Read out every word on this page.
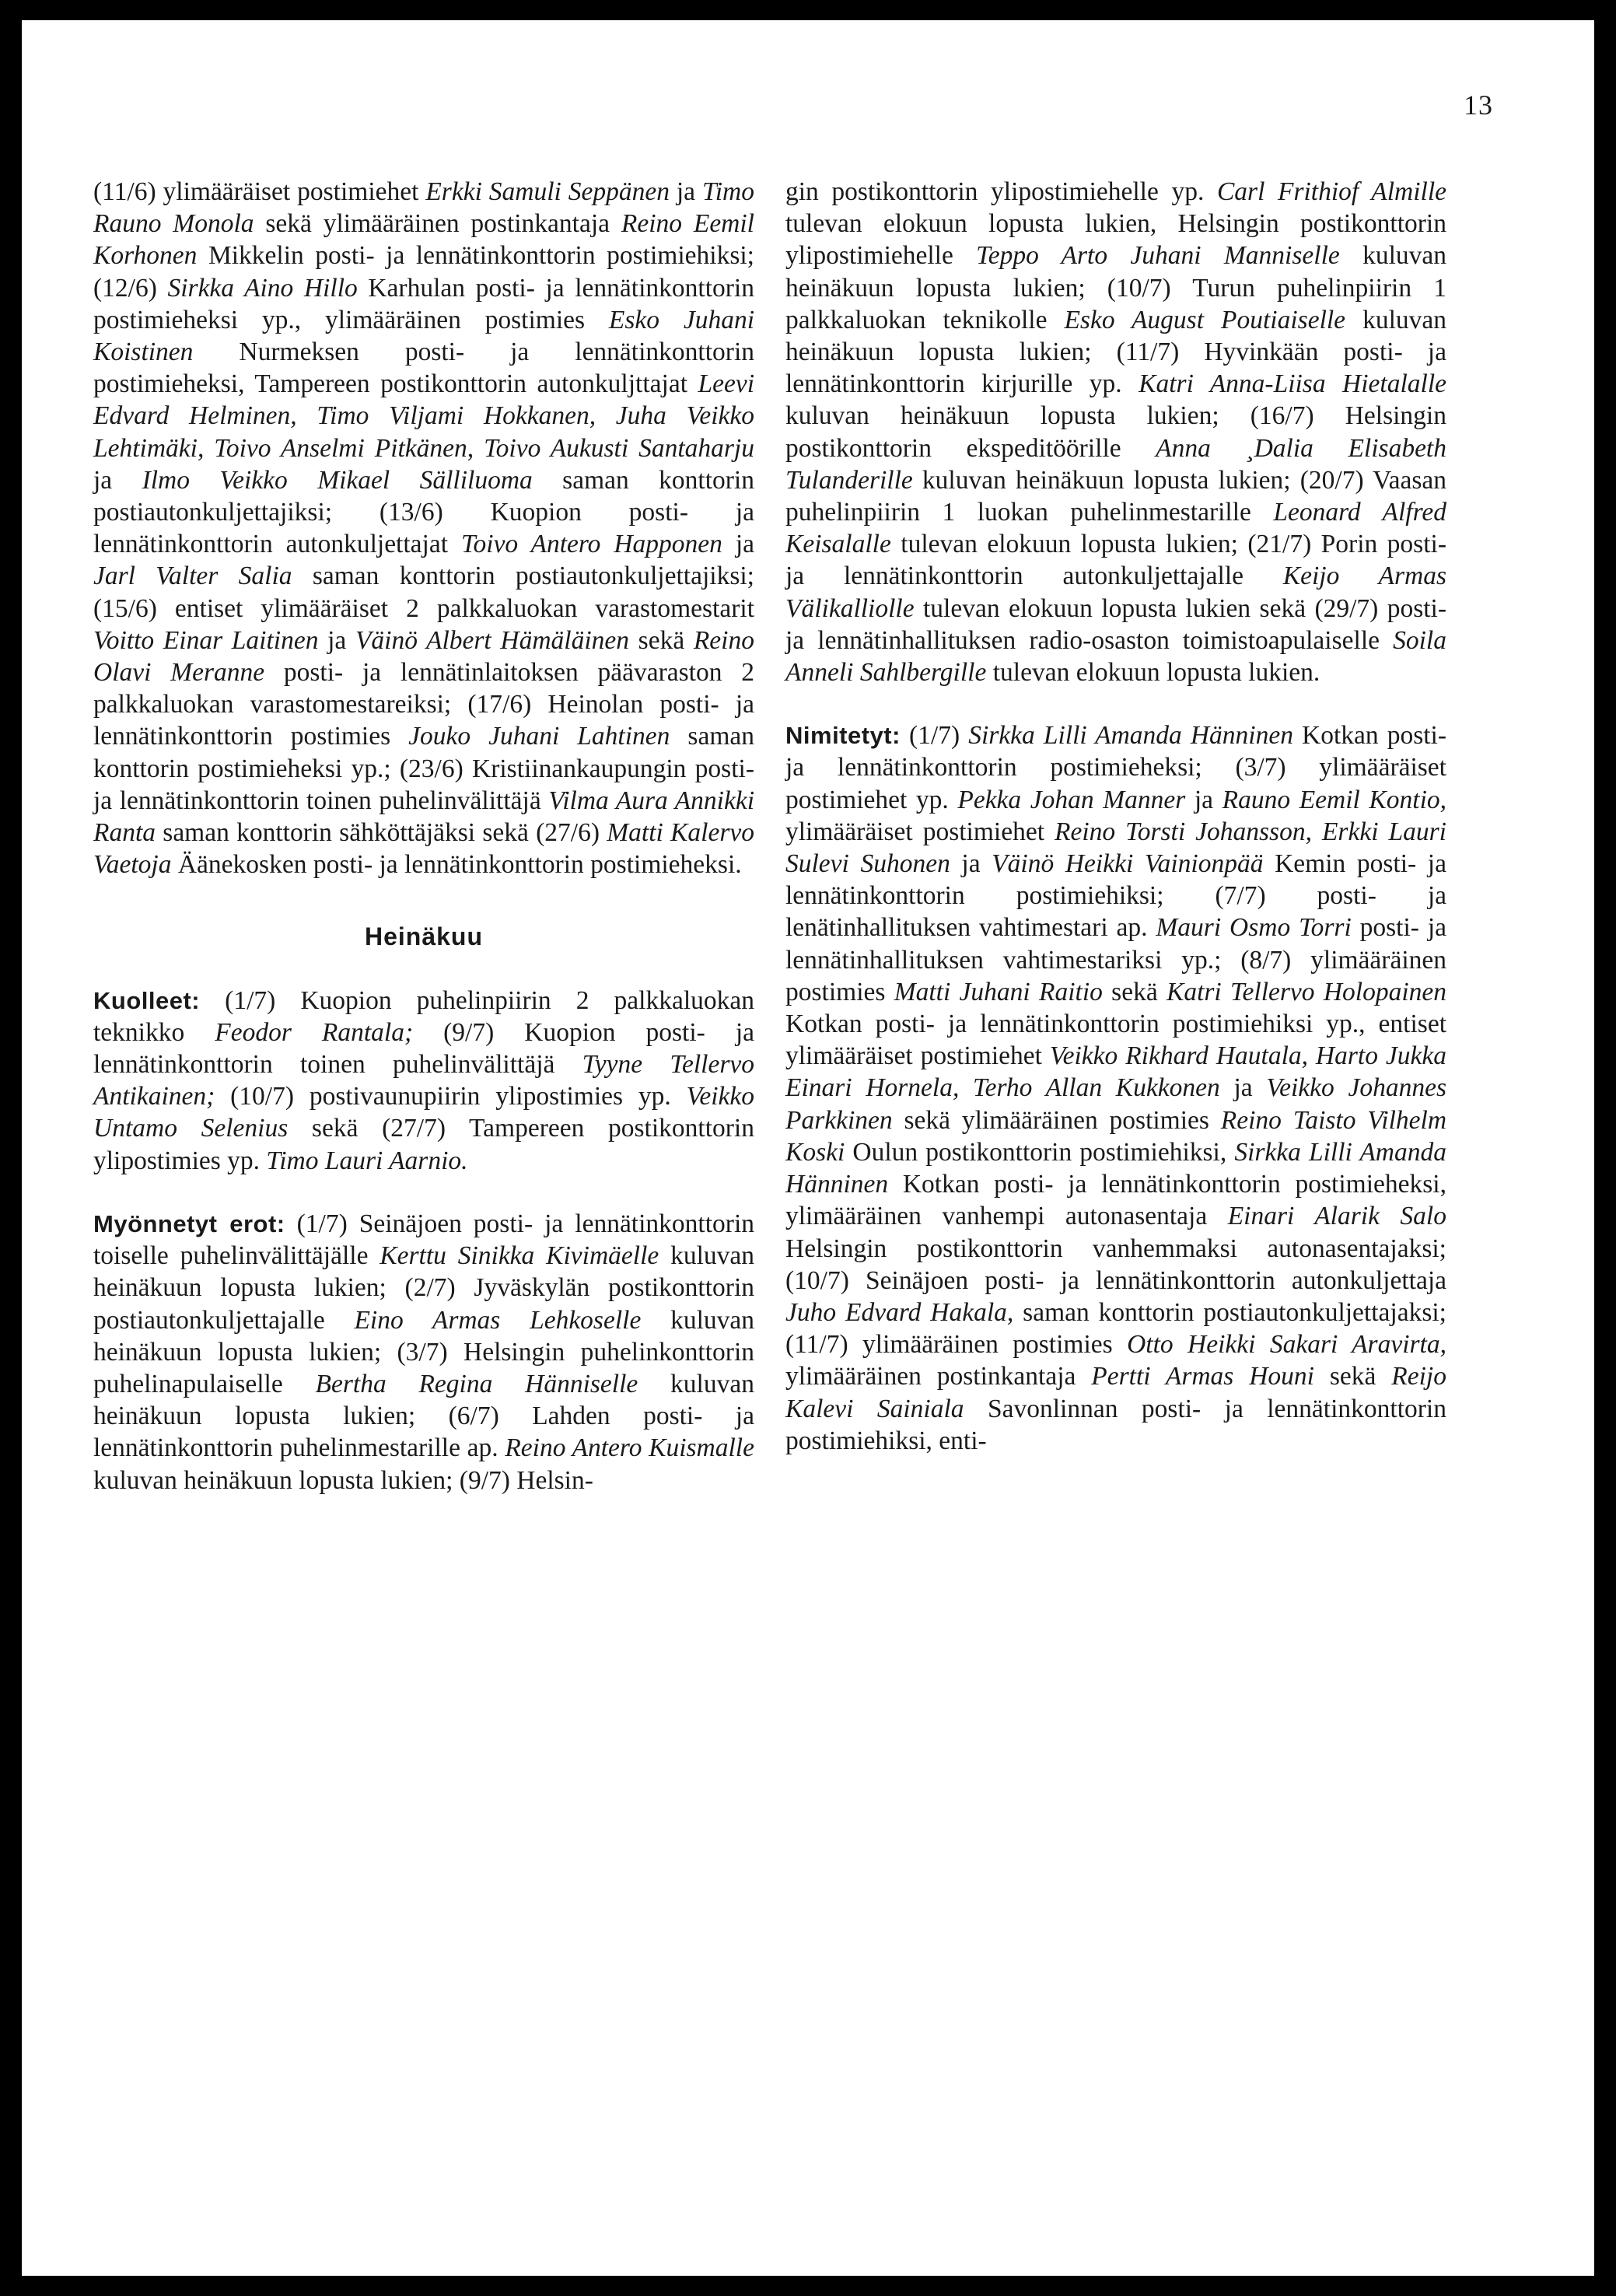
13

(11/6) ylimääräiset postimiehet Erkki Samuli Seppänen ja Timo Rauno Monola sekä ylimääräinen postinkantaja Reino Eemil Korhonen Mikkelin posti- ja lennätinkonttorin postimiehiksi; (12/6) Sirkka Aino Hillo Karhulan posti- ja lennätinkonttorin postimieheksi yp., ylimääräinen postimies Esko Juhani Koistinen Nurmeksen posti- ja lennätinkonttorin postimieheksi, Tampereen postikonttorin autonkuljttajat Leevi Edvard Helminen, Timo Viljami Hokkanen, Juha Veikko Lehtimäki, Toivo Anselmi Pitkänen, Toivo Aukusti Santaharju ja Ilmo Veikko Mikael Sälliluoma saman konttorin postiautonkuljettajiksi; (13/6) Kuopion posti- ja lennätinkonttorin autonkuljettajat Toivo Antero Happonen ja Jarl Valter Salia saman konttorin postiautonkuljettajiksi; (15/6) entiset ylimääräiset 2 palkkaluokan varastomestarit Voitto Einar Laitinen ja Väinö Albert Hämäläinen sekä Reino Olavi Meranne posti- ja lennätinlaitoksen päävaraston 2 palkkaluokan varastomestareiksi; (17/6) Heinolan posti- ja lennätinkonttorin postimies Jouko Juhani Lahtinen saman konttorin postimieheksi yp.; (23/6) Kristiinankaupungin posti- ja lennätinkonttorin toinen puhelinvälittäjä Vilma Aura Annikki Ranta saman konttorin sähköttäjäksi sekä (27/6) Matti Kalervo Vaetoja Äänekosken posti- ja lennätinkonttorin postimieheksi.

Heinäkuu

Kuolleet: (1/7) Kuopion puhelinpiirin 2 palkkaluokan teknikko Feodor Rantala; (9/7) Kuopion posti- ja lennätinkonttorin toinen puhelinvälittäjä Tyyne Tellervo Antikainen; (10/7) postivaunupiirin ylipostimies yp. Veikko Untamo Selenius sekä (27/7) Tampereen postikonttorin ylipostimies yp. Timo Lauri Aarnio.

Myönnetyt erot: (1/7) Seinäjoen posti- ja lennätinkonttorin toiselle puhelinvälittäjälle Kerttu Sinikka Kivimäelle kuluvan heinäkuun lopusta lukien; (2/7) Jyväskylän postikonttorin postiautonkuljettajalle Eino Armas Lehkoselle kuluvan heinäkuun lopusta lukien; (3/7) Helsingin puhelinkonttorin puhelinapulaiselle Bertha Regina Hänniselle kuluvan heinäkuun lopusta lukien; (6/7) Lahden posti- ja lennätinkonttorin puhelinmestarille ap. Reino Antero Kuismalle kuluvan heinäkuun lopusta lukien; (9/7) Helsin-

gin postikonttorin ylipostimiehelle yp. Carl Frithiof Almille tulevan elokuun lopusta lukien, Helsingin postikonttorin ylipostimiehelle Teppo Arto Juhani Manniselle kuluvan heinäkuun lopusta lukien; (10/7) Turun puhelinpiirin 1 palkkaluokan teknikolle Esko August Poutiaiselle kuluvan heinäkuun lopusta lukien; (11/7) Hyvinkään posti- ja lennätinkonttorin kirjurille yp. Katri Anna-Liisa Hietalalle kuluvan heinäkuun lopusta lukien; (16/7) Helsingin postikonttorin ekspeditöörille Anna ¸Dalia Elisabeth Tulanderille kuluvan heinäkuun lopusta lukien; (20/7) Vaasan puhelinpiirin 1 luokan puhelinmestarille Leonard Alfred Keisalalle tulevan elokuun lopusta lukien; (21/7) Porin posti- ja lennätinkonttorin autonkuljettajalle Keijo Armas Välikalliolle tulevan elokuun lopusta lukien sekä (29/7) posti- ja lennätinhallituksen radio-osaston toimistoapulaiselle Soila Anneli Sahlbergille tulevan elokuun lopusta lukien.

Nimitetyt: (1/7) Sirkka Lilli Amanda Hänninen Kotkan posti- ja lennätinkonttorin postimieheksi; (3/7) ylimääräiset postimiehet yp. Pekka Johan Manner ja Rauno Eemil Kontio, ylimääräiset postimiehet Reino Torsti Johansson, Erkki Lauri Sulevi Suhonen ja Väinö Heikki Vainionpää Kemin posti- ja lennätinkonttorin postimiehiksi; (7/7) posti- ja lenätinhallituksen vahtimestari ap. Mauri Osmo Torri posti- ja lennätinhallituksen vahtimestariksi yp.; (8/7) ylimääräinen postimies Matti Juhani Raitio sekä Katri Tellervo Holopainen Kotkan posti- ja lennätinkonttorin postimiehiksi yp., entiset ylimääräiset postimiehet Veikko Rikhard Hautala, Harto Jukka Einari Hornela, Terho Allan Kukkonen ja Veikko Johannes Parkkinen sekä ylimääräinen postimies Reino Taisto Vilhelm Koski Oulun postikonttorin postimiehiksi, Sirkka Lilli Amanda Hänninen Kotkan posti- ja lennätinkonttorin postimieheksi, ylimääräinen vanhempi autonasentaja Einari Alarik Salo Helsingin postikonttorin vanhemmaksi autonasentajaksi; (10/7) Seinäjoen posti- ja lennätinkonttorin autonkuljettaja Juho Edvard Hakala, saman konttorin postiautonkuljettajaksi; (11/7) ylimääräinen postimies Otto Heikki Sakari Aravirta, ylimääräinen postinkantaja Pertti Armas Houni sekä Reijo Kalevi Sainiala Savonlinnan posti- ja lennätinkonttorin postimiehiksi, enti-
